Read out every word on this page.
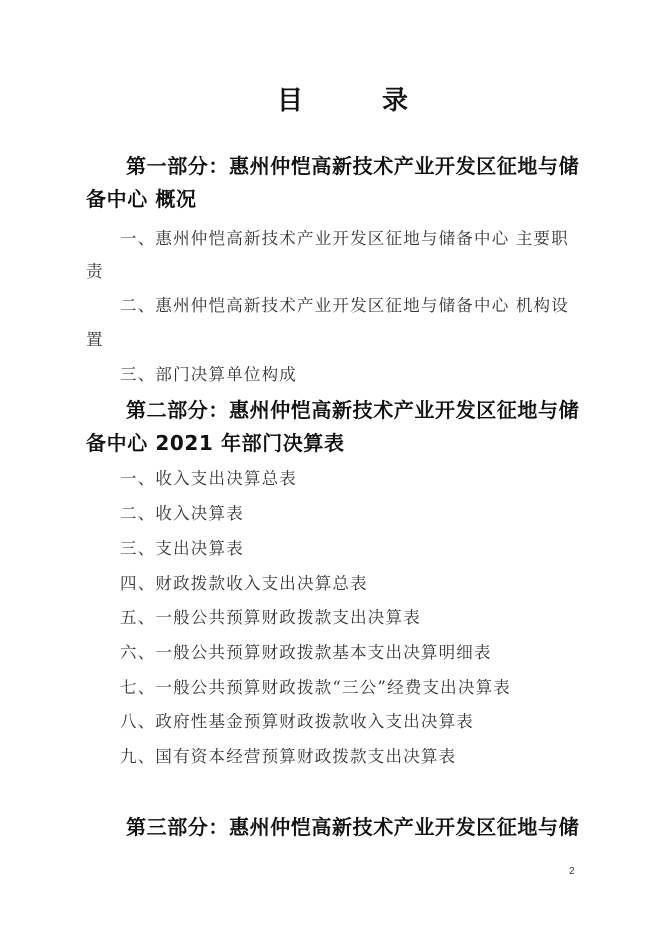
目	录
第一部分：惠州仲恺高新技术产业开发区征地与储
备中心 概况
一、惠州仲恺高新技术产业开发区征地与储备中心 主要职
责
二、惠州仲恺高新技术产业开发区征地与储备中心 机构设
置
三、部门决算单位构成
第二部分：惠州仲恺高新技术产业开发区征地与储
备中心 2021 年部门决算表
一、收入支出决算总表
二、收入决算表
三、支出决算表
四、财政拨款收入支出决算总表
五、一般公共预算财政拨款支出决算表
六、一般公共预算财政拨款基本支出决算明细表
七、一般公共预算财政拨款“三公”经费支出决算表
八、政府性基金预算财政拨款收入支出决算表
九、国有资本经营预算财政拨款支出决算表
第三部分：惠州仲恺高新技术产业开发区征地与储
2
